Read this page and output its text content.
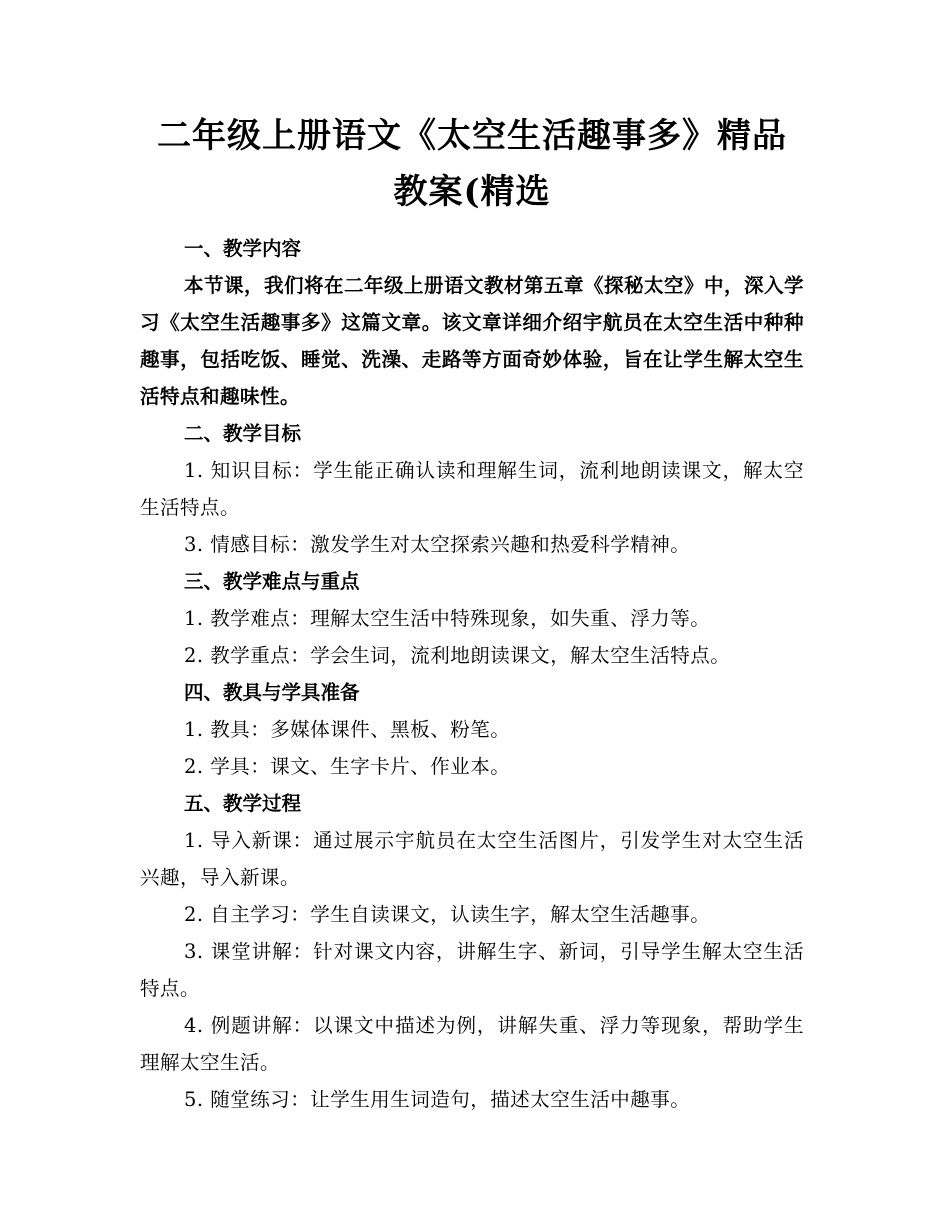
二年级上册语文《太空生活趣事多》精品教案(精选

一、教学内容

本节课，我们将在二年级上册语文教材第五章《探秘太空》中，深入学习《太空生活趣事多》这篇文章。该文章详细介绍宇航员在太空生活中种种趣事，包括吃饭、睡觉、洗澡、走路等方面奇妙体验，旨在让学生解太空生活特点和趣味性。

二、教学目标

1. 知识目标：学生能正确认读和理解生词，流利地朗读课文，解太空生活特点。

3. 情感目标：激发学生对太空探索兴趣和热爱科学精神。

三、教学难点与重点

1. 教学难点：理解太空生活中特殊现象，如失重、浮力等。

2. 教学重点：学会生词，流利地朗读课文，解太空生活特点。

四、教具与学具准备

1. 教具：多媒体课件、黑板、粉笔。

2. 学具：课文、生字卡片、作业本。

五、教学过程

1. 导入新课：通过展示宇航员在太空生活图片，引发学生对太空生活兴趣，导入新课。

2. 自主学习：学生自读课文，认读生字，解太空生活趣事。

3. 课堂讲解：针对课文内容，讲解生字、新词，引导学生解太空生活特点。

4. 例题讲解：以课文中描述为例，讲解失重、浮力等现象，帮助学生理解太空生活。

5. 随堂练习：让学生用生词造句，描述太空生活中趣事。
